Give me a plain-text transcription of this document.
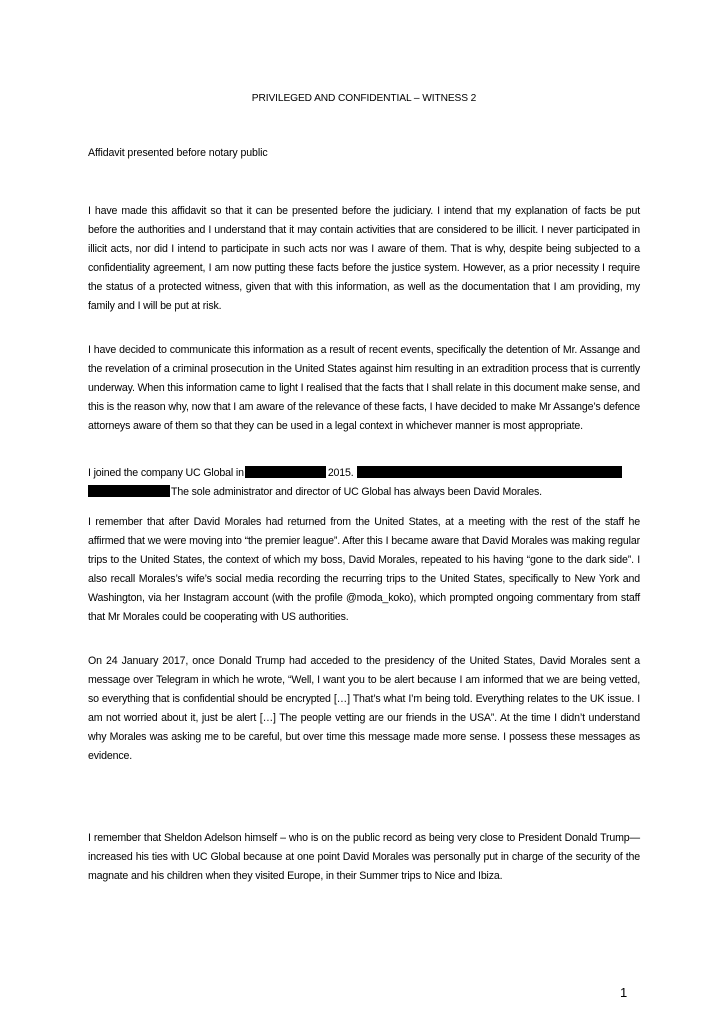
PRIVILEGED AND CONFIDENTIAL – WITNESS 2
Affidavit presented before notary public

I have made this affidavit so that it can be presented before the judiciary. I intend that my explanation of facts be put before the authorities and I understand that it may contain activities that are considered to be illicit. I never participated in illicit acts, nor did I intend to participate in such acts nor was I aware of them. That is why, despite being subjected to a confidentiality agreement, I am now putting these facts before the justice system. However, as a prior necessity I require the status of a protected witness, given that with this information, as well as the documentation that I am providing, my family and I will be put at risk.

I have decided to communicate this information as a result of recent events, specifically the detention of Mr. Assange and the revelation of a criminal prosecution in the United States against him resulting in an extradition process that is currently underway. When this information came to light I realised that the facts that I shall relate in this document make sense, and this is the reason why, now that I am aware of the relevance of these facts, I have decided to make Mr Assange’s defence attorneys aware of them so that they can be used in a legal context in whichever manner is most appropriate.

I joined the company UC Global in	2015.
The sole administrator and director of UC Global has always been David Morales.

I remember that after David Morales had returned from the United States, at a meeting with the rest of the staff he affirmed that we were moving into “the premier league”. After this I became aware that David Morales was making regular trips to the United States, the context of which my boss, David Morales, repeated to his having “gone to the dark side”. I also recall Morales’s wife’s social media recording the recurring trips to the United States, specifically to New York and Washington, via her Instagram account (with the profile @moda_koko), which prompted ongoing commentary from staff that Mr Morales could be cooperating with US authorities.

On 24 January 2017, once Donald Trump had acceded to the presidency of the United States, David Morales sent a message over Telegram in which he wrote, “Well, I want you to be alert because I am informed that we are being vetted, so everything that is confidential should be encrypted […] That’s what I’m being told. Everything relates to the UK issue. I am not worried about it, just be alert […] The people vetting are our friends in the USA”. At the time I didn’t understand why Morales was asking me to be careful, but over time this message made more sense. I possess these messages as evidence.

I remember that Sheldon Adelson himself – who is on the public record as being very close to President Donald Trump—increased his ties with UC Global because at one point David Morales was personally put in charge of the security of the magnate and his children when they visited Europe, in their Summer trips to Nice and Ibiza.

1
